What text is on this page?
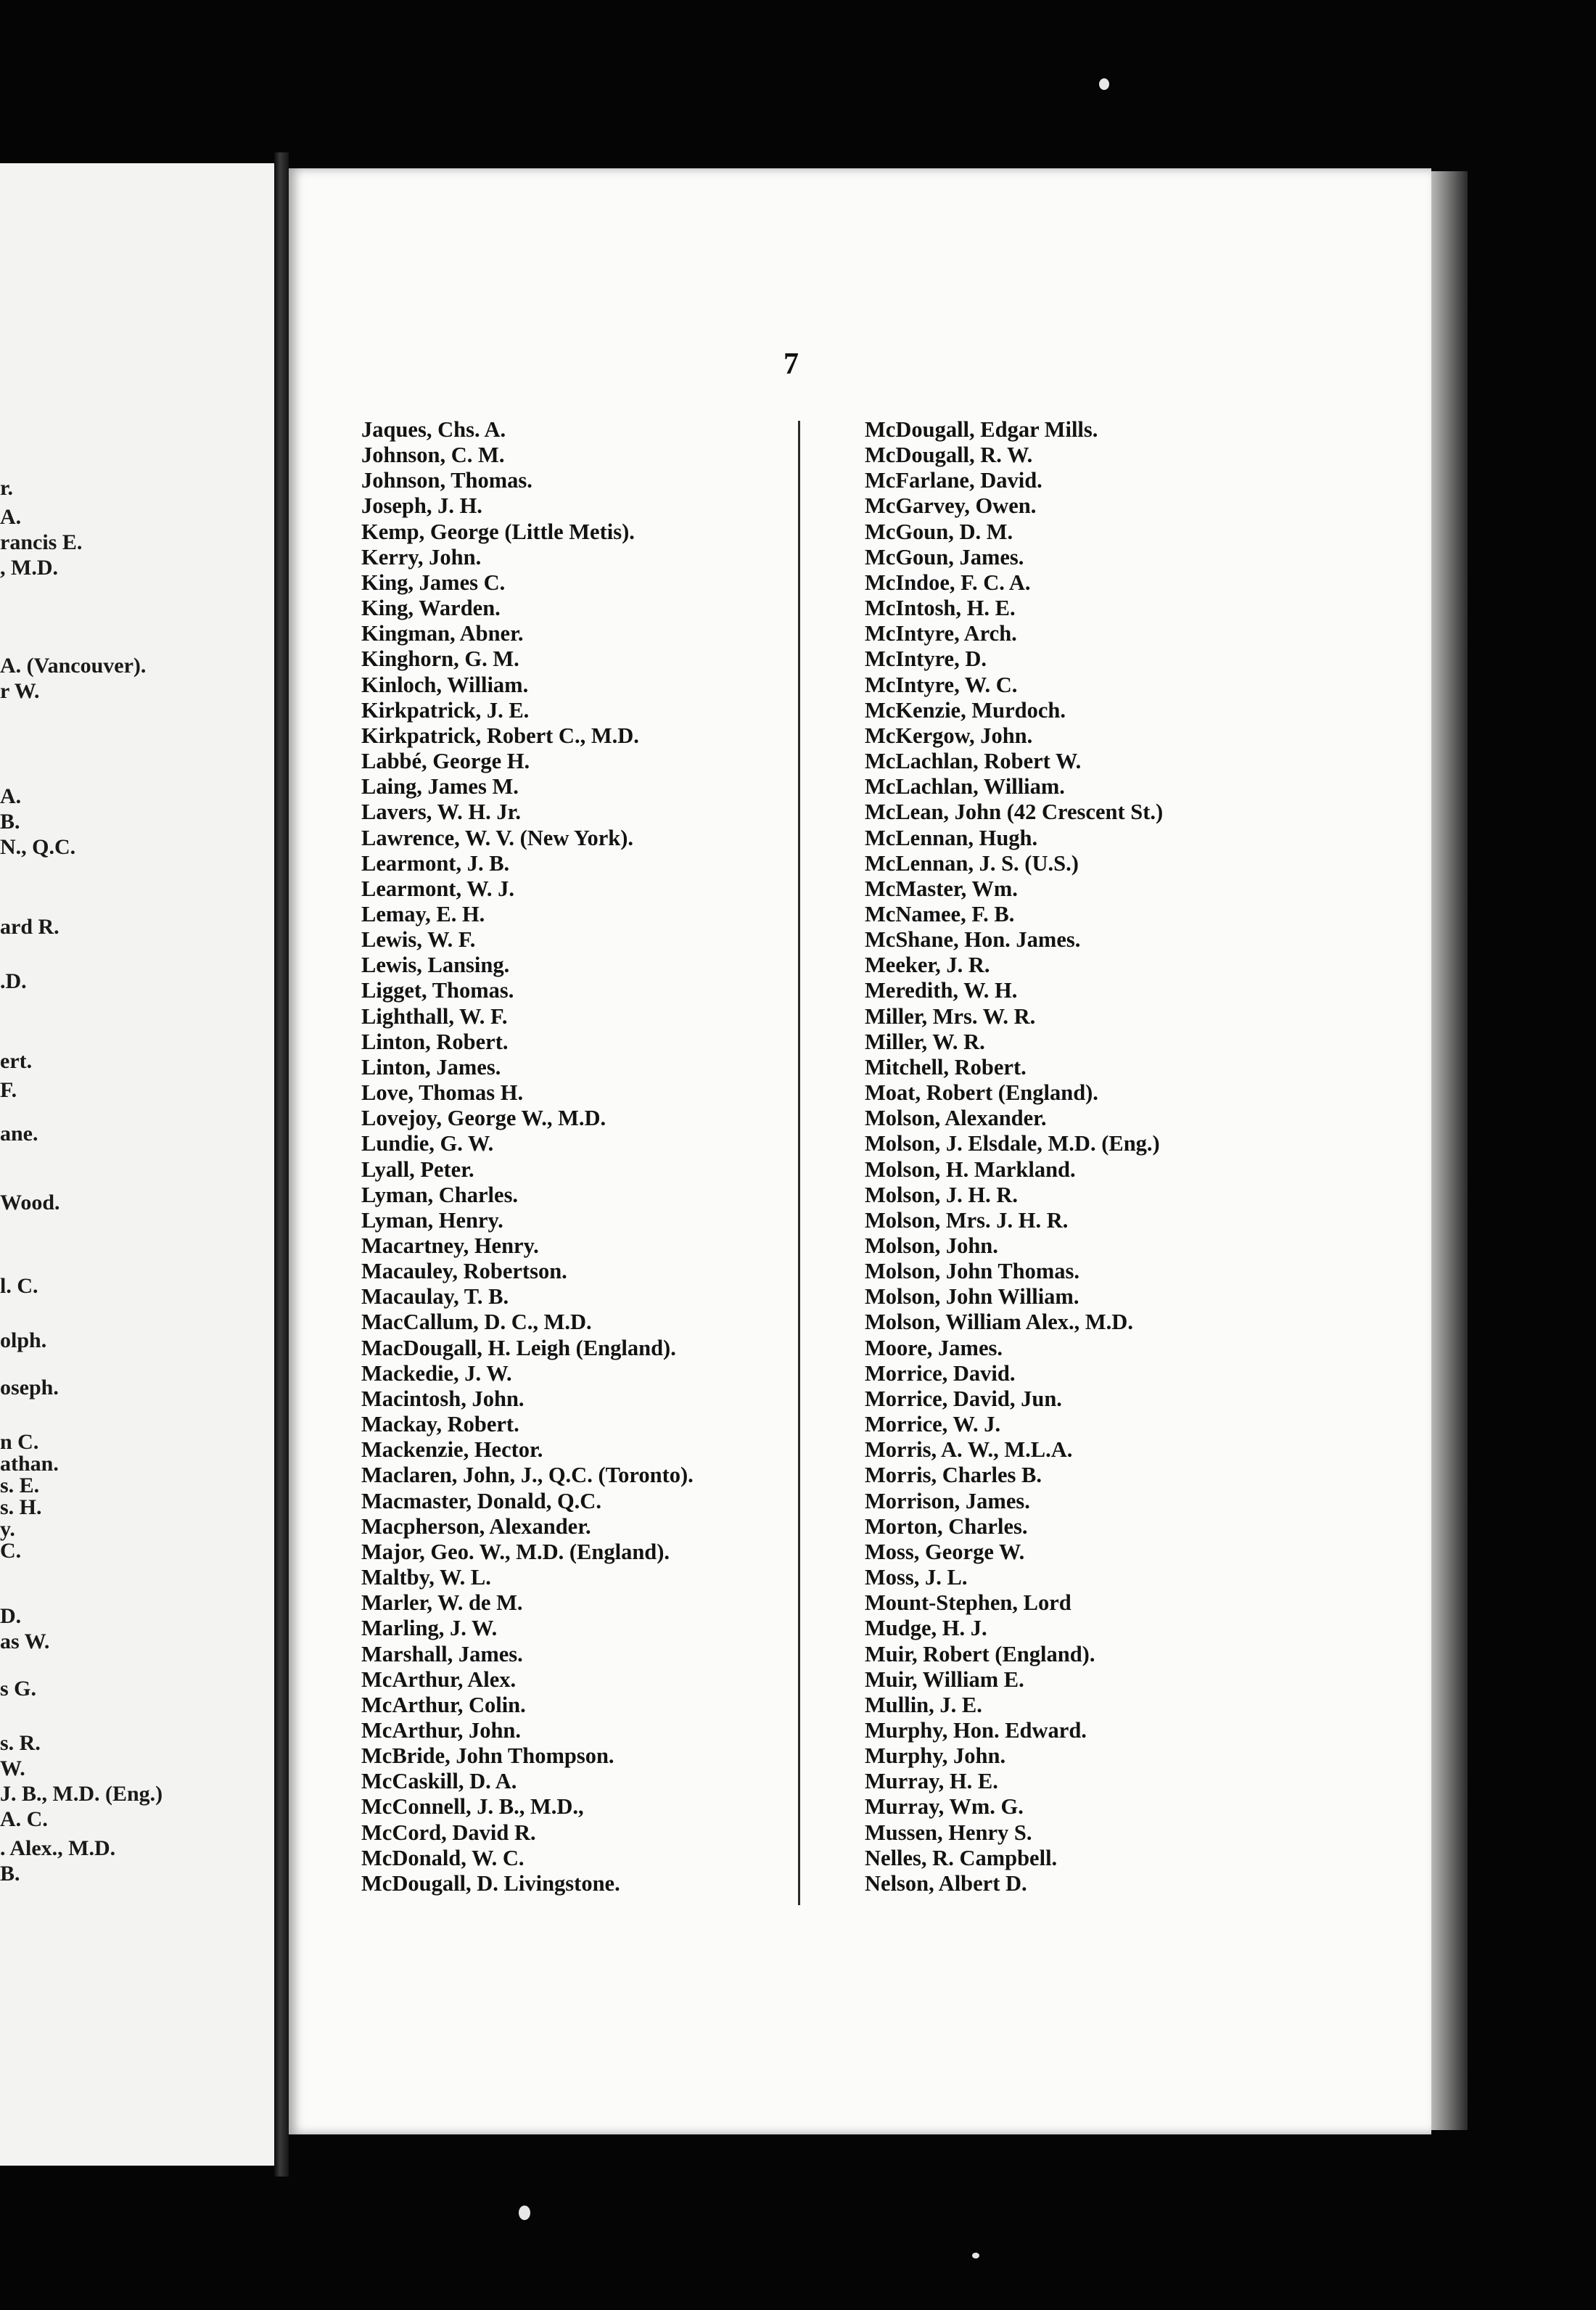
r.
A.
rancis E.
, M.D.
A. (Vancouver).
r W.
A.
B.
N., Q.C.
ard R.
.D.
ert.
F.
ane.
Wood.
l. C.
olph.
oseph.
n C.
athan.
s. E.
s. H.
y.
C.
D.
as W.
s G.
s. R.
W.
J. B., M.D. (Eng.)
A. C.
. Alex., M.D.
B.
7
Jaques, Chs. A.
Johnson, C. M.
Johnson, Thomas.
Joseph, J. H.
Kemp, George (Little Metis).
Kerry, John.
King, James C.
King, Warden.
Kingman, Abner.
Kinghorn, G. M.
Kinloch, William.
Kirkpatrick, J. E.
Kirkpatrick, Robert C., M.D.
Labbé, George H.
Laing, James M.
Lavers, W. H. Jr.
Lawrence, W. V. (New York).
Learmont, J. B.
Learmont, W. J.
Lemay, E. H.
Lewis, W. F.
Lewis, Lansing.
Ligget, Thomas.
Lighthall, W. F.
Linton, Robert.
Linton, James.
Love, Thomas H.
Lovejoy, George W., M.D.
Lundie, G. W.
Lyall, Peter.
Lyman, Charles.
Lyman, Henry.
Macartney, Henry.
Macauley, Robertson.
Macaulay, T. B.
MacCallum, D. C., M.D.
MacDougall, H. Leigh (England).
Mackedie, J. W.
Macintosh, John.
Mackay, Robert.
Mackenzie, Hector.
Maclaren, John, J., Q.C. (Toronto).
Macmaster, Donald, Q.C.
Macpherson, Alexander.
Major, Geo. W., M.D. (England).
Maltby, W. L.
Marler, W. de M.
Marling, J. W.
Marshall, James.
McArthur, Alex.
McArthur, Colin.
McArthur, John.
McBride, John Thompson.
McCaskill, D. A.
McConnell, J. B., M.D.,
McCord, David R.
McDonald, W. C.
McDougall, D. Livingstone.
McDougall, Edgar Mills.
McDougall, R. W.
McFarlane, David.
McGarvey, Owen.
McGoun, D. M.
McGoun, James.
McIndoe, F. C. A.
McIntosh, H. E.
McIntyre, Arch.
McIntyre, D.
McIntyre, W. C.
McKenzie, Murdoch.
McKergow, John.
McLachlan, Robert W.
McLachlan, William.
McLean, John (42 Crescent St.)
McLennan, Hugh.
McLennan, J. S. (U.S.)
McMaster, Wm.
McNamee, F. B.
McShane, Hon. James.
Meeker, J. R.
Meredith, W. H.
Miller, Mrs. W. R.
Miller, W. R.
Mitchell, Robert.
Moat, Robert (England).
Molson, Alexander.
Molson, J. Elsdale, M.D. (Eng.)
Molson, H. Markland.
Molson, J. H. R.
Molson, Mrs. J. H. R.
Molson, John.
Molson, John Thomas.
Molson, John William.
Molson, William Alex., M.D.
Moore, James.
Morrice, David.
Morrice, David, Jun.
Morrice, W. J.
Morris, A. W., M.L.A.
Morris, Charles B.
Morrison, James.
Morton, Charles.
Moss, George W.
Moss, J. L.
Mount-Stephen, Lord
Mudge, H. J.
Muir, Robert (England).
Muir, William E.
Mullin, J. E.
Murphy, Hon. Edward.
Murphy, John.
Murray, H. E.
Murray, Wm. G.
Mussen, Henry S.
Nelles, R. Campbell.
Nelson, Albert D.
